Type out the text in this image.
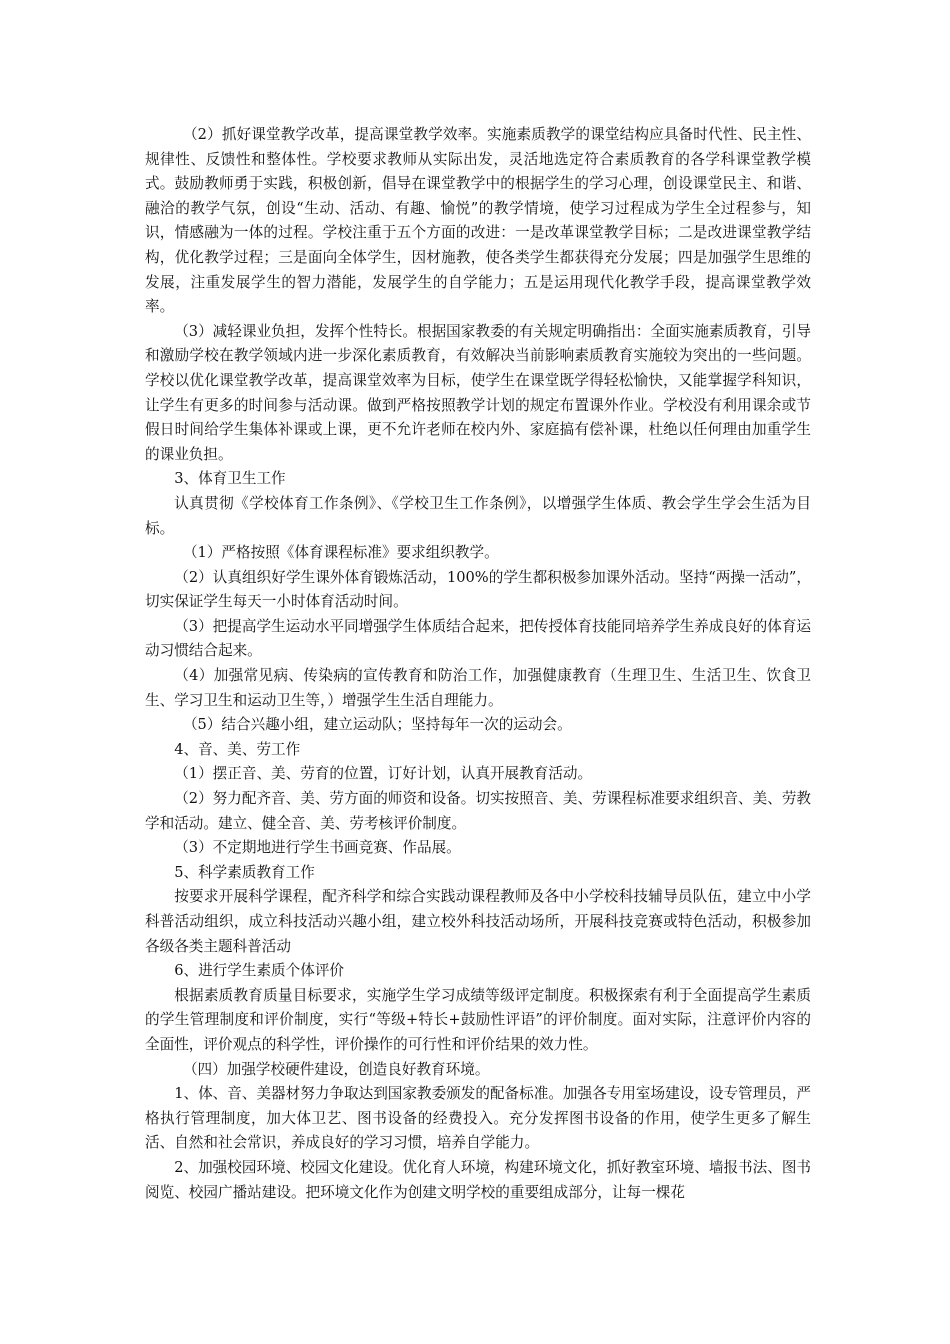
（2）抓好课堂教学改革，提高课堂教学效率。实施素质教学的课堂结构应具备时代性、民主性、规律性、反馈性和整体性。学校要求教师从实际出发，灵活地选定符合素质教育的各学科课堂教学模式。鼓励教师勇于实践，积极创新，倡导在课堂教学中的根据学生的学习心理，创设课堂民主、和谐、融洽的教学气氛，创设“生动、活动、有趣、愉悦”的教学情境，使学习过程成为学生全过程参与，知识，情感融为一体的过程。学校注重于五个方面的改进：一是改革课堂教学目标；二是改进课堂教学结构，优化教学过程；三是面向全体学生，因材施教，使各类学生都获得充分发展；四是加强学生思维的发展，注重发展学生的智力潜能，发展学生的自学能力；五是运用现代化教学手段，提高课堂教学效率。

（3）减轻课业负担，发挥个性特长。根据国家教委的有关规定明确指出：全面实施素质教育，引导和激励学校在教学领域内进一步深化素质教育，有效解决当前影响素质教育实施较为突出的一些问题。学校以优化课堂教学改革，提高课堂效率为目标，使学生在课堂既学得轻松愉快，又能掌握学科知识，让学生有更多的时间参与活动课。做到严格按照教学计划的规定布置课外作业。学校没有利用课余或节假日时间给学生集体补课或上课，更不允许老师在校内外、家庭搞有偿补课，杜绝以任何理由加重学生的课业负担。

3、体育卫生工作

认真贯彻《学校体育工作条例》、《学校卫生工作条例》，以增强学生体质、教会学生学会生活为目标。

（1）严格按照《体育课程标准》要求组织教学。

（2）认真组织好学生课外体育锻炼活动，100%的学生都积极参加课外活动。坚持“两操一活动”，切实保证学生每天一小时体育活动时间。

（3）把提高学生运动水平同增强学生体质结合起来，把传授体育技能同培养学生养成良好的体育运动习惯结合起来。

（4）加强常见病、传染病的宣传教育和防治工作，加强健康教育（生理卫生、生活卫生、饮食卫生、学习卫生和运动卫生等，）增强学生生活自理能力。

（5）结合兴趣小组，建立运动队；坚持每年一次的运动会。

4、音、美、劳工作

（1）摆正音、美、劳育的位置，订好计划，认真开展教育活动。

（2）努力配齐音、美、劳方面的师资和设备。切实按照音、美、劳课程标准要求组织音、美、劳教学和活动。建立、健全音、美、劳考核评价制度。

（3）不定期地进行学生书画竞赛、作品展。

5、科学素质教育工作

按要求开展科学课程，配齐科学和综合实践动课程教师及各中小学校科技辅导员队伍，建立中小学科普活动组织，成立科技活动兴趣小组，建立校外科技活动场所，开展科技竞赛或特色活动，积极参加各级各类主题科普活动

6、进行学生素质个体评价

根据素质教育质量目标要求，实施学生学习成绩等级评定制度。积极探索有利于全面提高学生素质的学生管理制度和评价制度，实行“等级+特长+鼓励性评语”的评价制度。面对实际，注意评价内容的全面性，评价观点的科学性，评价操作的可行性和评价结果的效力性。

（四）加强学校硬件建设，创造良好教育环境。

1、体、音、美器材努力争取达到国家教委颁发的配备标准。加强各专用室场建设，设专管理员，严格执行管理制度，加大体卫艺、图书设备的经费投入。充分发挥图书设备的作用，使学生更多了解生活、自然和社会常识，养成良好的学习习惯，培养自学能力。

2、加强校园环境、校园文化建设。优化育人环境，构建环境文化，抓好教室环境、墙报书法、图书阅览、校园广播站建设。把环境文化作为创建文明学校的重要组成部分，让每一棵花
